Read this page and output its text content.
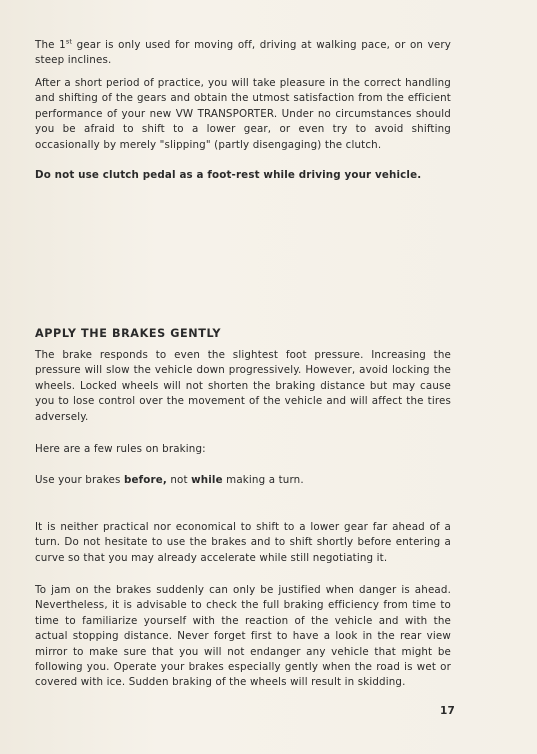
The 1st gear is only used for moving off, driving at walking pace, or on very steep inclines.

After a short period of practice, you will take pleasure in the correct handling and shifting of the gears and obtain the utmost satisfaction from the efficient performance of your new VW TRANSPORTER. Under no circumstances should you be afraid to shift to a lower gear, or even try to avoid shifting occasionally by merely "slipping" (partly disengaging) the clutch.

Do not use clutch pedal as a foot-rest while driving your vehicle.

APPLY THE BRAKES GENTLY

The brake responds to even the slightest foot pressure. Increasing the pressure will slow the vehicle down progressively. However, avoid locking the wheels. Locked wheels will not shorten the braking distance but may cause you to lose control over the movement of the vehicle and will affect the tires adversely.

Here are a few rules on braking:

Use your brakes before, not while making a turn.

It is neither practical nor economical to shift to a lower gear far ahead of a turn. Do not hesitate to use the brakes and to shift shortly before entering a curve so that you may already accelerate while still negotiating it.

To jam on the brakes suddenly can only be justified when danger is ahead. Nevertheless, it is advisable to check the full braking efficiency from time to time to familiarize yourself with the reaction of the vehicle and with the actual stopping distance. Never forget first to have a look in the rear view mirror to make sure that you will not endanger any vehicle that might be following you. Operate your brakes especially gently when the road is wet or covered with ice. Sudden braking of the wheels will result in skidding.

17
